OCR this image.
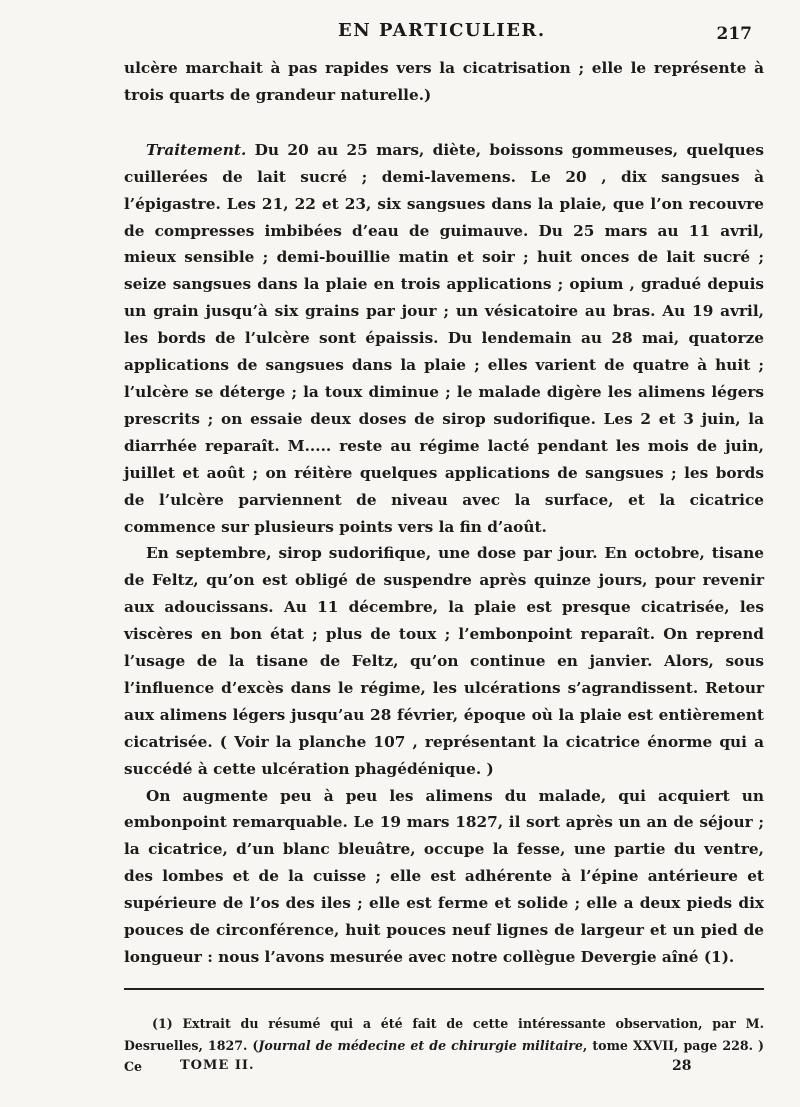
EN PARTICULIER.	217

ulcère marchait à pas rapides vers la cicatrisation ; elle le représente à trois quarts de grandeur naturelle.)

Traitement. Du 20 au 25 mars, diète, boissons gommeuses, quelques cuillerées de lait sucré ; demi-lavemens. Le 20 , dix sangsues à l’épigastre. Les 21, 22 et 23, six sangsues dans la plaie, que l’on recouvre de compresses imbibées d’eau de guimauve. Du 25 mars au 11 avril, mieux sensible ; demi-bouillie matin et soir ; huit onces de lait sucré ; seize sangsues dans la plaie en trois applications ; opium , gradué depuis un grain jusqu’à six grains par jour ; un vésicatoire au bras. Au 19 avril, les bords de l’ulcère sont épaissis. Du lendemain au 28 mai, quatorze applications de sangsues dans la plaie ; elles varient de quatre à huit ; l’ulcère se déterge ; la toux diminue ; le malade digère les alimens légers prescrits ; on essaie deux doses de sirop sudorifique. Les 2 et 3 juin, la diarrhée reparaît. M..... reste au régime lacté pendant les mois de juin, juillet et août ; on réitère quelques applications de sangsues ; les bords de l’ulcère parviennent de niveau avec la surface, et la cicatrice commence sur plusieurs points vers la fin d’août.

En septembre, sirop sudorifique, une dose par jour. En octobre, tisane de Feltz, qu’on est obligé de suspendre après quinze jours, pour revenir aux adoucissans. Au 11 décembre, la plaie est presque cicatrisée, les viscères en bon état ; plus de toux ; l’embonpoint reparaît. On reprend l’usage de la tisane de Feltz, qu’on continue en janvier. Alors, sous l’influence d’excès dans le régime, les ulcérations s’agrandissent. Retour aux alimens légers jusqu’au 28 février, époque où la plaie est entièrement cicatrisée. ( Voir la planche 107 , représentant la cicatrice énorme qui a succédé à cette ulcération phagédénique. )

On augmente peu à peu les alimens du malade, qui acquiert un embonpoint remarquable. Le 19 mars 1827, il sort après un an de séjour ; la cicatrice, d’un blanc bleuâtre, occupe la fesse, une partie du ventre, des lombes et de la cuisse ; elle est adhérente à l’épine antérieure et supérieure de l’os des iles ; elle est ferme et solide ; elle a deux pieds dix pouces de circonférence, huit pouces neuf lignes de largeur et un pied de longueur : nous l’avons mesurée avec notre collègue Devergie aîné (1).

(1) Extrait du résumé qui a été fait de cette intéressante observation, par M. Desruelles, 1827. (Journal de médecine et de chirurgie militaire, tome XXVII, page 228. ) Ce	TOME II.	28
